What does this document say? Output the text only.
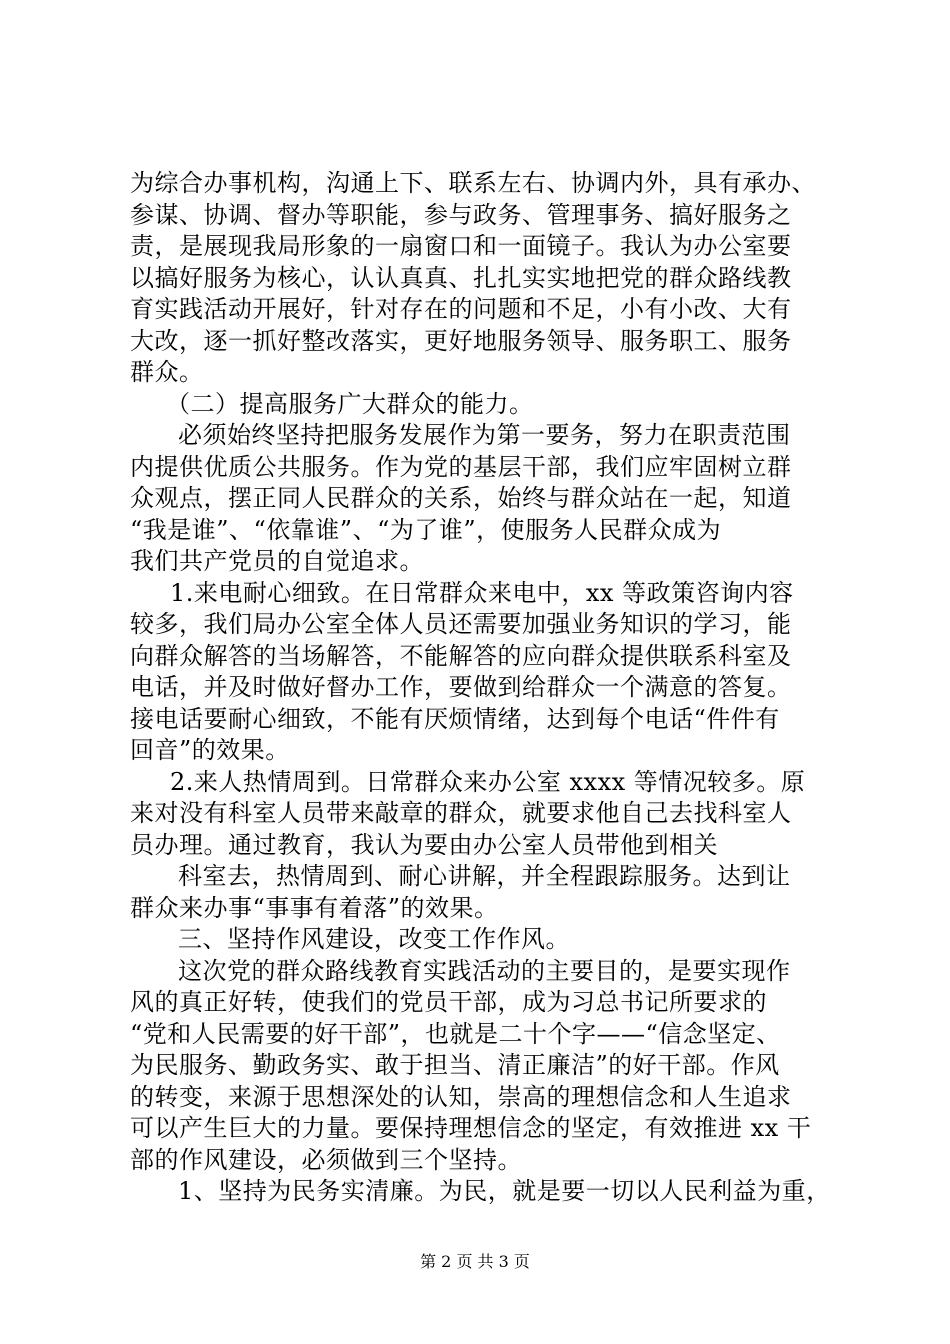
为综合办事机构，沟通上下、联系左右、协调内外，具有承办、
参谋、协调、督办等职能，参与政务、管理事务、搞好服务之
责，是展现我局形象的一扇窗口和一面镜子。我认为办公室要
以搞好服务为核心，认认真真、扎扎实实地把党的群众路线教
育实践活动开展好，针对存在的问题和不足，小有小改、大有
大改，逐一抓好整改落实，更好地服务领导、服务职工、服务
群众。
（二）提高服务广大群众的能力。
必须始终坚持把服务发展作为第一要务，努力在职责范围
内提供优质公共服务。作为党的基层干部，我们应牢固树立群
众观点，摆正同人民群众的关系，始终与群众站在一起，知道
“我是谁”、“依靠谁”、“为了谁”，使服务人民群众成为
我们共产党员的自觉追求。
1.来电耐心细致。在日常群众来电中，xx 等政策咨询内容
较多，我们局办公室全体人员还需要加强业务知识的学习，能
向群众解答的当场解答，不能解答的应向群众提供联系科室及
电话，并及时做好督办工作，要做到给群众一个满意的答复。
接电话要耐心细致，不能有厌烦情绪，达到每个电话“件件有
回音”的效果。
2.来人热情周到。日常群众来办公室 xxxx 等情况较多。原
来对没有科室人员带来敲章的群众，就要求他自己去找科室人
员办理。通过教育，我认为要由办公室人员带他到相关
科室去，热情周到、耐心讲解，并全程跟踪服务。达到让
群众来办事“事事有着落”的效果。
三、坚持作风建设，改变工作作风。
这次党的群众路线教育实践活动的主要目的，是要实现作
风的真正好转，使我们的党员干部，成为习总书记所要求的
“党和人民需要的好干部”，也就是二十个字——“信念坚定、
为民服务、勤政务实、敢于担当、清正廉洁”的好干部。作风
的转变，来源于思想深处的认知，崇高的理想信念和人生追求
可以产生巨大的力量。要保持理想信念的坚定，有效推进 xx 干
部的作风建设，必须做到三个坚持。
1、坚持为民务实清廉。为民，就是要一切以人民利益为重，
第 2 页 共 3 页
